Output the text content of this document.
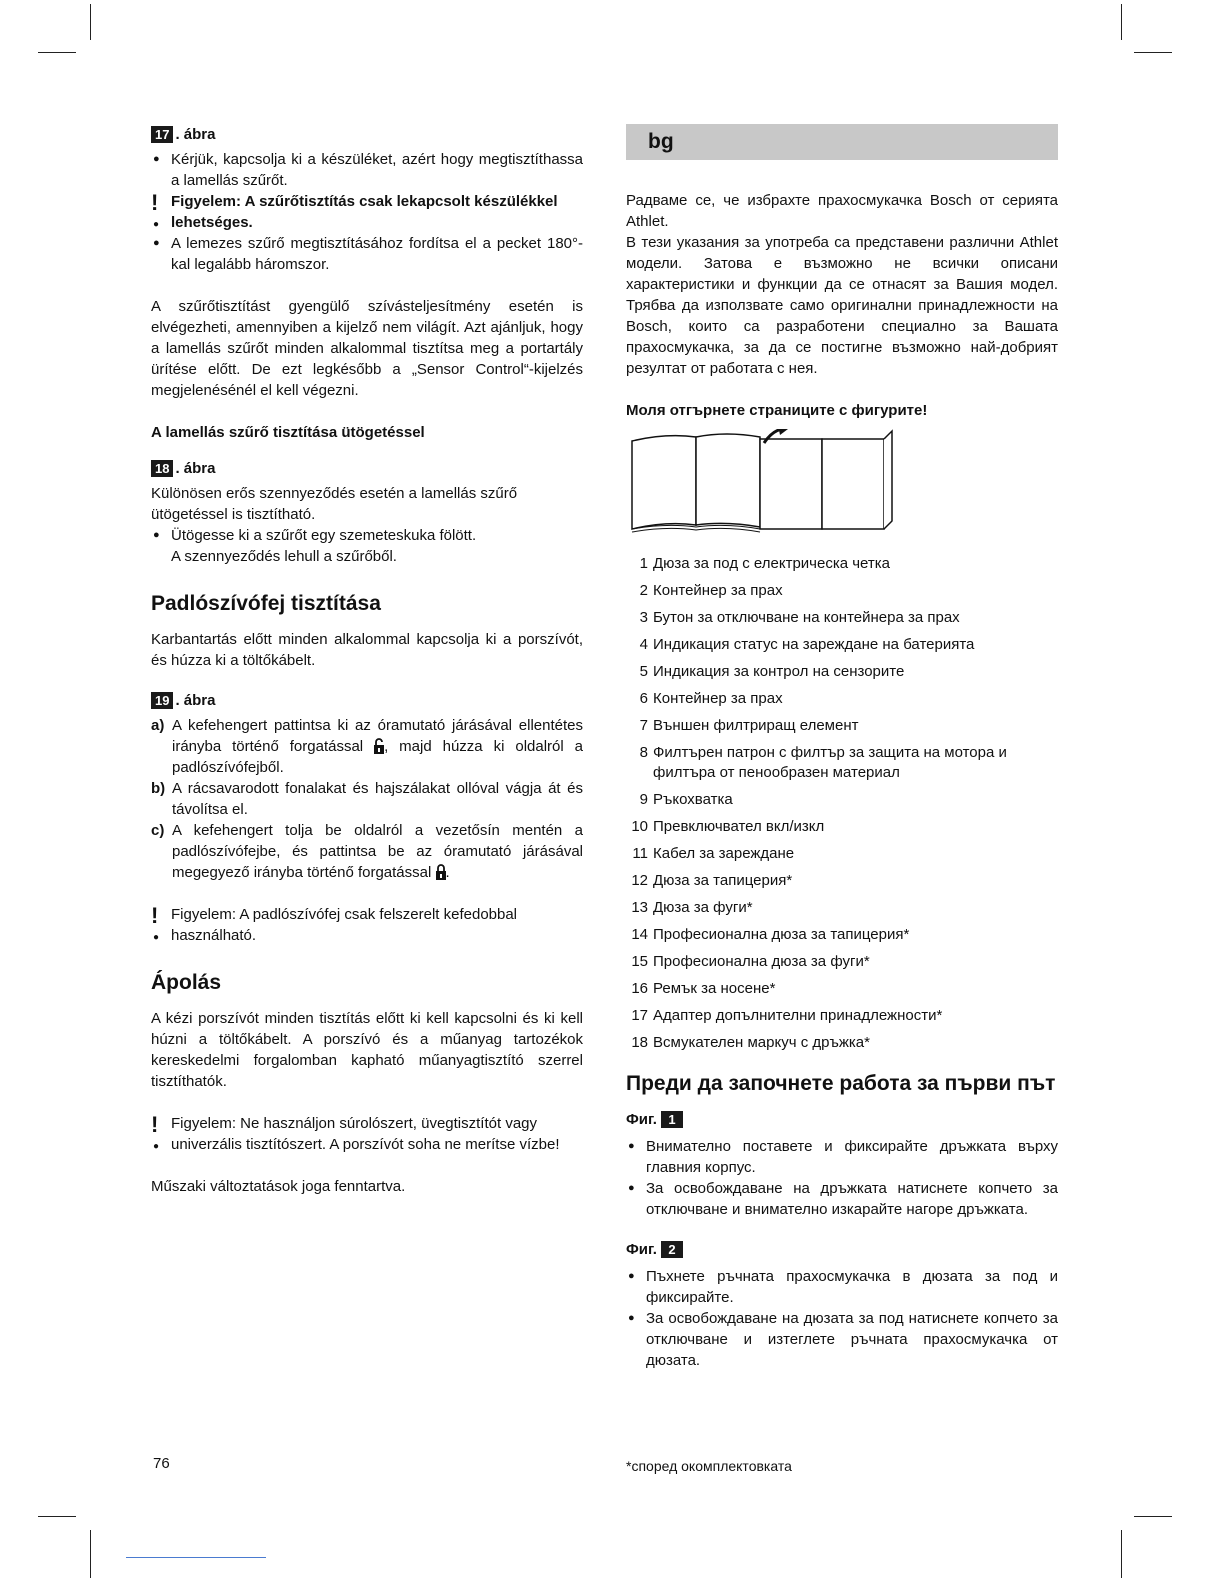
17 . ábra
● Kérjük, kapcsolja ki a készüléket, azért hogy megtisztíthassa a lamellás szűrőt.
!
●
Figyelem: A szűrőtisztítás csak lekapcsolt készülékkel lehetséges.
● A lemezes szűrő megtisztításához fordítsa el a pecket 180°-kal legalább háromszor.

A szűrőtisztítást gyengülő szívásteljesítmény esetén is elvégezheti, amennyiben a kijelző nem világít. Azt ajánljuk, hogy a lamellás szűrőt minden alkalommal tisztítsa meg a portartály ürítése előtt. De ezt legkésőbb a „Sensor Control“-kijelzés megjelenésénél el kell végezni.

A lamellás szűrő tisztítása ütögetéssel
18 . ábra

Különösen erős szennyeződés esetén a lamellás szűrő ütögetéssel is tisztítható.

● Ütögesse ki a szűrőt egy szemeteskuka fölött.

A szennyeződés lehull a szűrőből.

Padlószívófej tisztítása

Karbantartás előtt minden alkalommal kapcsolja ki a porszívót, és húzza ki a töltőkábelt.

19 . ábra
a) A kefehengert pattintsa ki az óramutató járásával ellentétes irányba történő forgatással , majd húzza ki oldalról a padlószívófejből.
b) A rácsavarodott fonalakat és hajszálakat ollóval vágja át és távolítsa el.
c) A kefehengert tolja be oldalról a vezetősín mentén a padlószívófejbe, és pattintsa be az óramutató járásával megegyező irányba történő forgatással .
!
●
Figyelem: A padlószívófej csak felszerelt kefedobbal használható.
Ápolás

A kézi porszívót minden tisztítás előtt ki kell kapcsolni és ki kell húzni a töltőkábelt. A porszívó és a műanyag tartozékok kereskedelmi forgalomban kapható műanyagtisztító szerrel tisztíthatók.

!
●
Figyelem: Ne használjon súrolószert, üvegtisztítót vagy univerzális tisztítószert. A porszívót soha ne merítse vízbe!

Műszaki változtatások joga fenntartva.

bg

Радваме се, че избрахте прахосмукачка Bosch от серията Athlet.

В тези указания за употреба са представени различни Athlet модели. Затова е възможно не всички описани характеристики и функции да се отнасят за Вашия модел. Трябва да използвате само оригинални принадлежности на Bosch, които са разработени специално за Вашата прахосмукачка, за да се постигне възможно най-добрият резултат от работата с нея.

Моля отгърнете страниците с фигурите!
1 Дюза за под с електрическа четка
2 Контейнер за прах
3 Бутон за отключване на контейнера за прах
4 Индикация статус на зареждане на батерията
5 Индикация за контрол на сензорите
6 Контейнер за прах
7 Външен филтриращ елемент
8 Филтърен патрон с филтър за защита на мотора и филтъра от пенообразен материал
9 Ръкохватка
10 Превключвател вкл/изкл
11 Кабел за зареждане
12 Дюза за тапицерия*
13 Дюза за фуги*
14 Професионална дюза за тапицерия*
15 Професионална дюза за фуги*
16 Ремък за носене*
17 Адаптер допълнителни принадлежности*
18 Всмукателен маркуч с дръжка*
Преди да започнете работа за първи път
Фиг. 1
● Внимателно поставете и фиксирайте дръжката върху главния корпус.
● За освобождаване на дръжката натиснете копчето за отключване и внимателно изкарайте нагоре дръжката.
Фиг. 2
● Пъхнете ръчната прахосмукачка в дюзата за под и фиксирайте.
● За освобождаване на дюзата за под натиснете копчето за отключване и изтеглете ръчната прахосмукачка от дюзата.
76	*според окомплектовката
